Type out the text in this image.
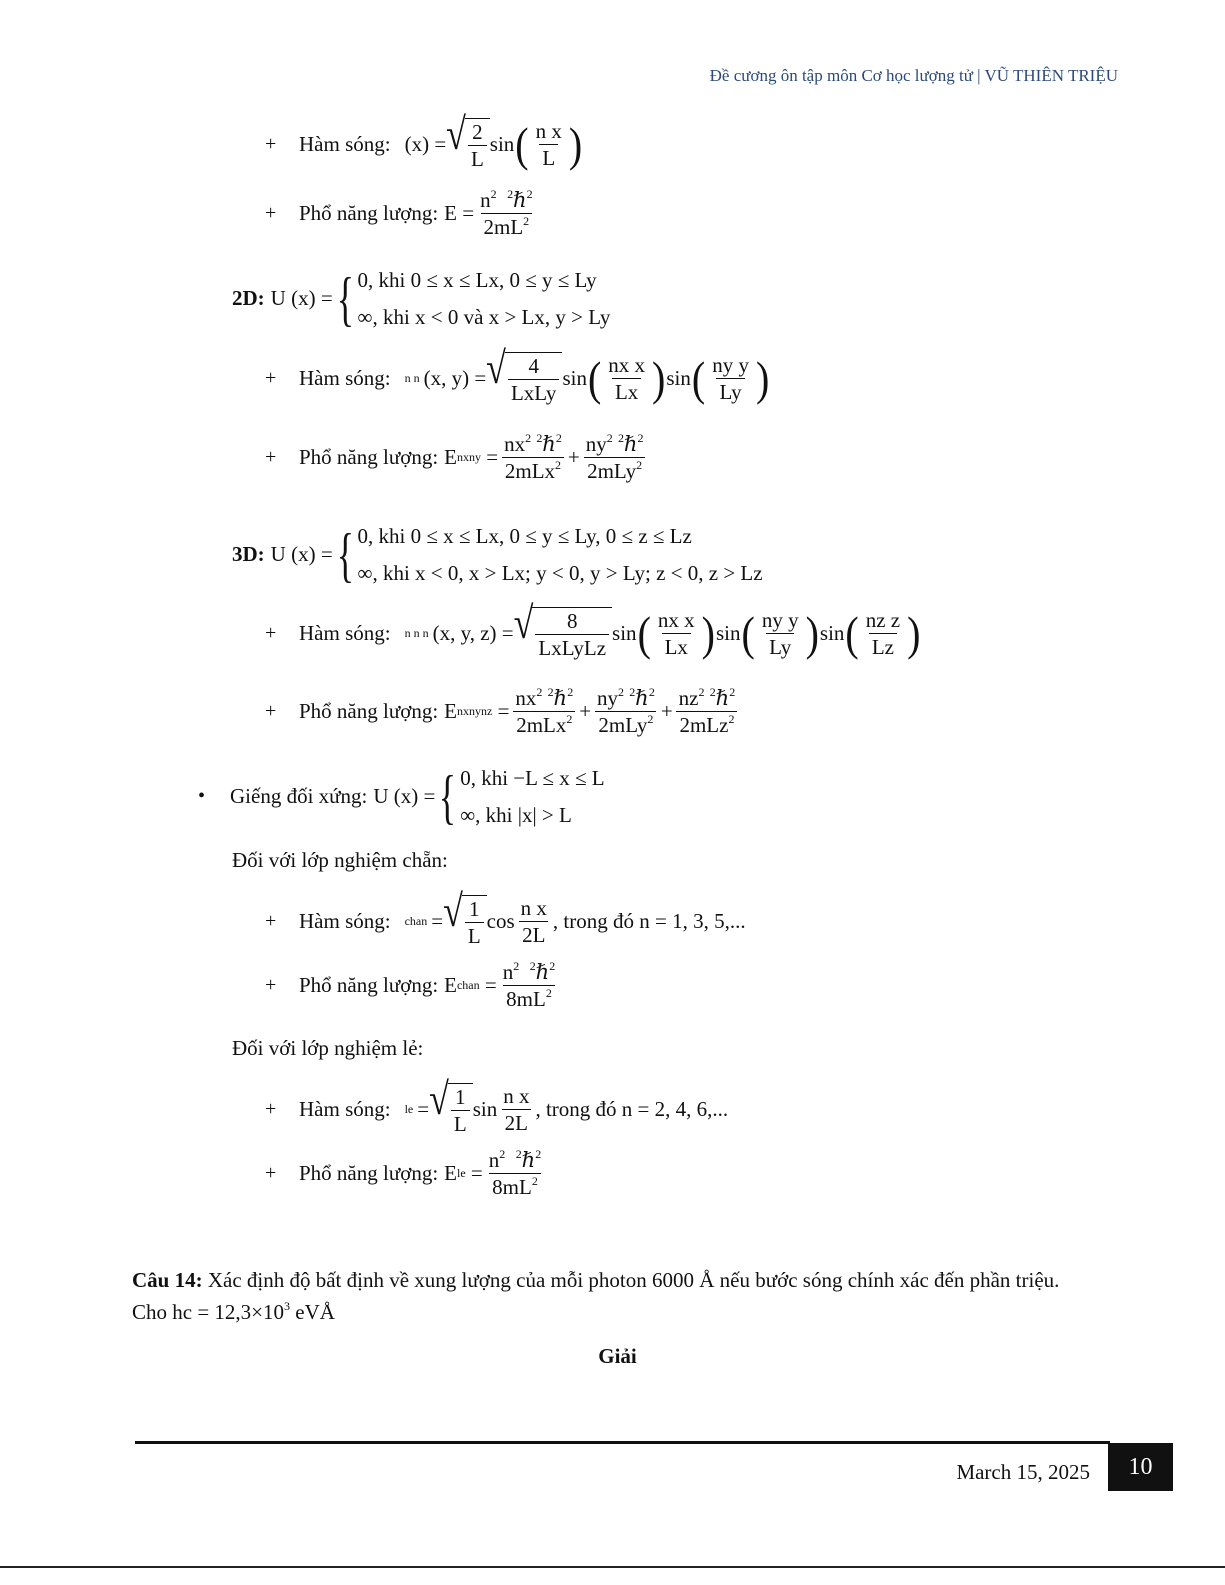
Đề cương ôn tập môn Cơ học lượng tử | VŨ THIÊN TRIỆU
+	Hàm sóng: (x) = √ $\frac{2}{L}$ sin ( $\frac{\text{n x}}{L}$ )
+	Phổ năng lượng: $E = \frac{n^2 ^2\hbar^2}{2mL^2}$
2D: U (x) = { 0, khi 0 ≤ x ≤ Lx, 0 ≤ y ≤ Ly
∞, khi x < 0 và x > Lx, y > Ly
+	Hàm sóng: n n (x, y) = √ $\frac{4}{\text{LxLy}}$ sin ( $\frac{\text{nx x}}{Lx}$ ) sin ( $\frac{\text{ny y}}{Ly}$ )
+	Phổ năng lượng: E nxny
= $\frac{nx^2 ^2\hbar^2}{2mLx^2} + \frac{ny^2 ^2\hbar^2}{2mLy^2}$
3D: U (x) = { 0, khi 0 ≤ x ≤ Lx, 0 ≤ y ≤ Ly, 0 ≤ z ≤ Lz
∞, khi x < 0, x > Lx; y < 0, y > Ly; z < 0, z > Lz
+	Hàm sóng: n n n (x, y, z) = √ $\frac{8}{\text{LxLyLz}}$ sin ( $\frac{\text{nx x}}{Lx}$ ) sin ( $\frac{\text{ny y}}{Ly}$ ) sin ( $\frac{\text{nz z}}{Lz}$ )
+	Phổ năng lượng: E nxnynz
= $\frac{nx^2 ^2\hbar^2}{2mLx^2} + \frac{ny^2 ^2\hbar^2}{2mLy^2} + \frac{nz^2 ^2\hbar^2}{2mLz^2}$
•	Giếng đối xứng: U (x) = { 0, khi −L ≤ x ≤ L
∞, khi |x| > L
Đối với lớp nghiệm chẵn:
+	Hàm sóng: chan = √ $\frac{1}{L}$ $\cos \frac{\text{n x}}{2L}$ , trong đó n = 1, 3, 5,...
+	Phổ năng lượng: E chan
= $\frac{n^2 ^2\hbar^2}{8mL^2}$
Đối với lớp nghiệm lẻ:
+	Hàm sóng: le = √ $\frac{1}{L}$ $\sin \frac{\text{n x}}{2L}$ , trong đó n = 2, 4, 6,...
+	Phổ năng lượng: E le
= $\frac{n^2 ^2\hbar^2}{8mL^2}$
Câu 14: Xác định độ bất định về xung lượng của mỗi photon 6000 Å nếu bước sóng chính xác đến phần triệu.
Cho hc = $12,3\times 10^3$ eVÅ
Giải
March 15, 2025	10
